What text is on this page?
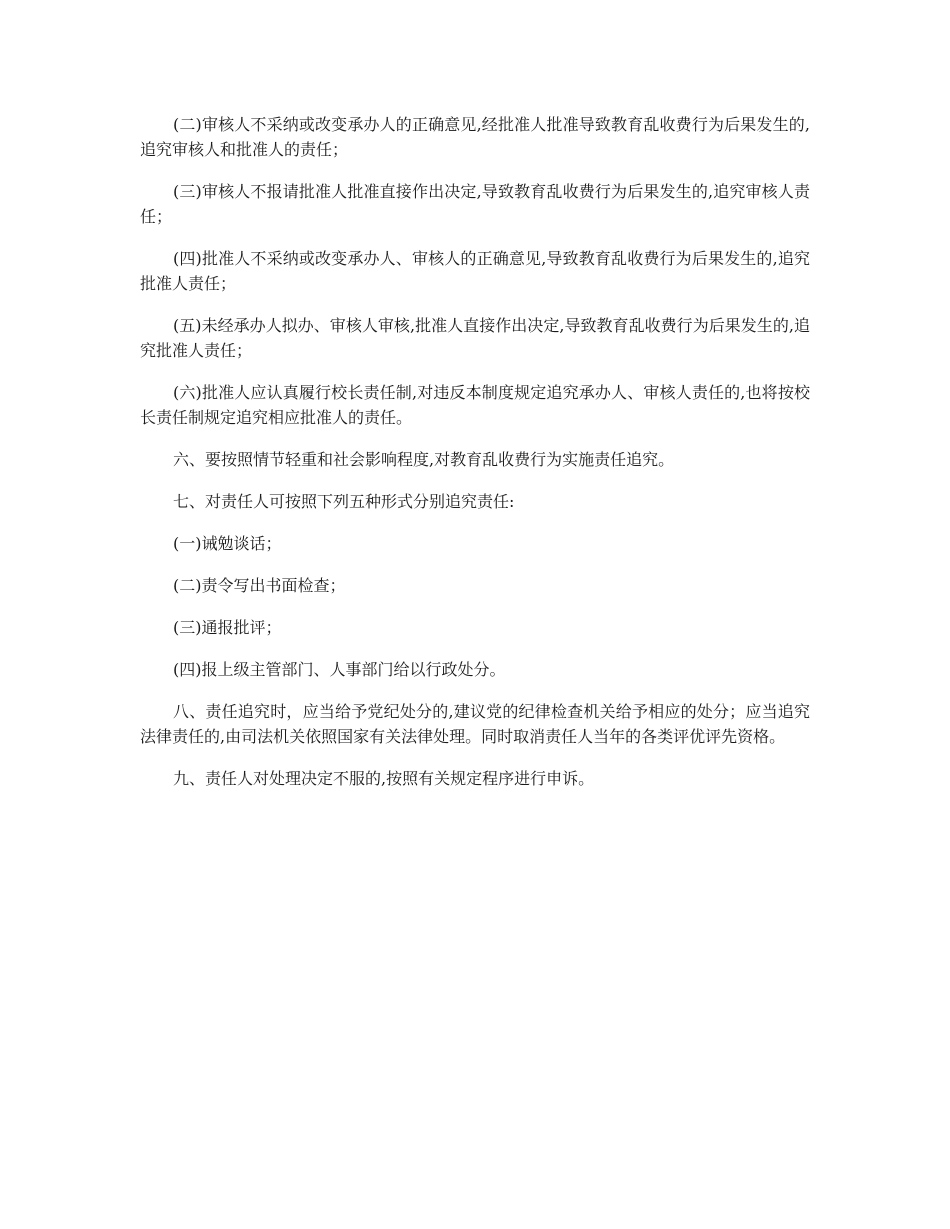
(二)审核人不采纳或改变承办人的正确意见,经批准人批准导致教育乱收费行为后果发生的,追究审核人和批准人的责任；

(三)审核人不报请批准人批准直接作出决定,导致教育乱收费行为后果发生的,追究审核人责任；

(四)批准人不采纳或改变承办人、审核人的正确意见,导致教育乱收费行为后果发生的,追究批准人责任；

(五)未经承办人拟办、审核人审核,批准人直接作出决定,导致教育乱收费行为后果发生的,追究批准人责任；

(六)批准人应认真履行校长责任制,对违反本制度规定追究承办人、审核人责任的,也将按校长责任制规定追究相应批准人的责任。

六、要按照情节轻重和社会影响程度,对教育乱收费行为实施责任追究。

七、对责任人可按照下列五种形式分别追究责任:

(一)诫勉谈话；

(二)责令写出书面检查；

(三)通报批评；

(四)报上级主管部门、人事部门给以行政处分。

八、责任追究时，应当给予党纪处分的,建议党的纪律检查机关给予相应的处分；应当追究法律责任的,由司法机关依照国家有关法律处理。同时取消责任人当年的各类评优评先资格。

九、责任人对处理决定不服的,按照有关规定程序进行申诉。
